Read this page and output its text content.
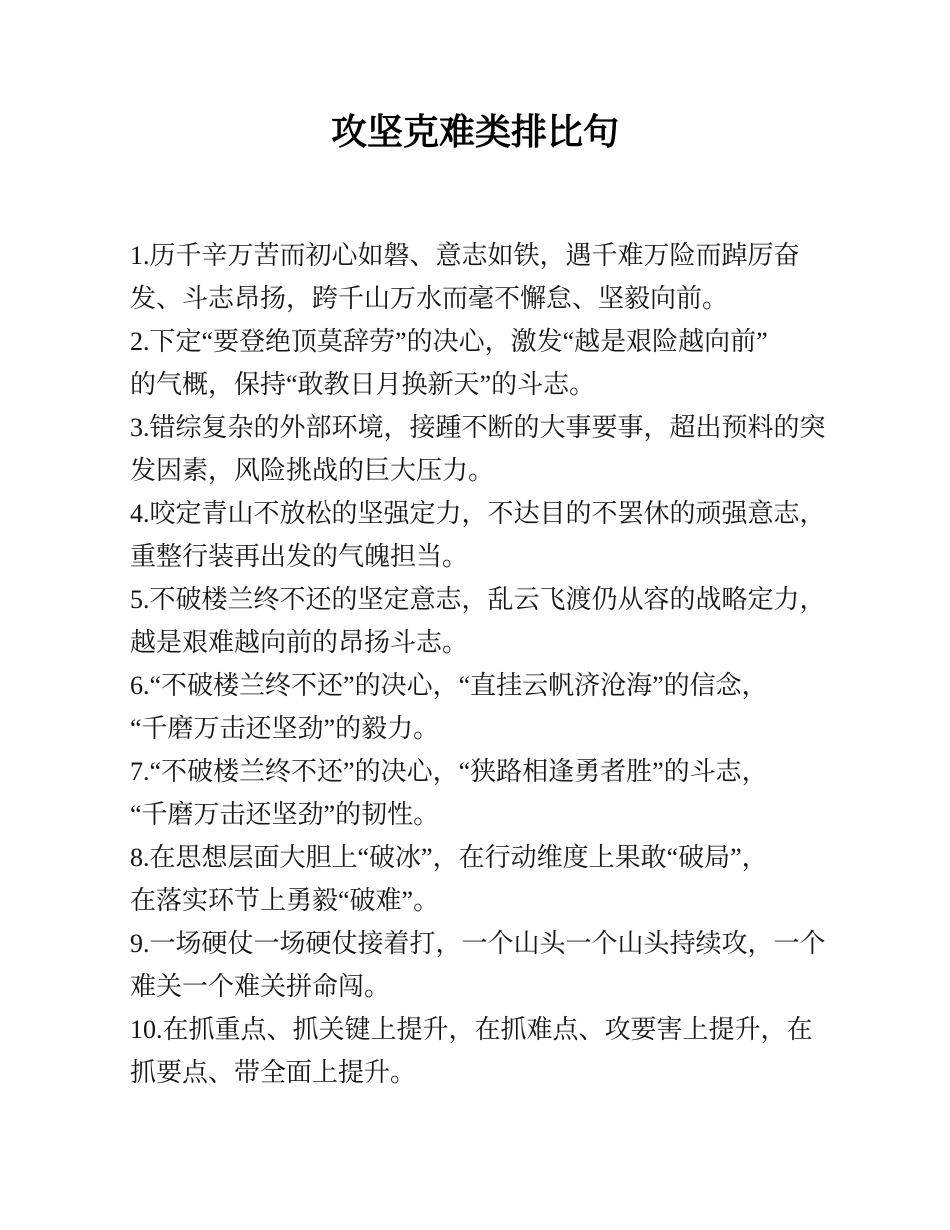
攻坚克难类排比句

1.历千辛万苦而初心如磐、意志如铁，遇千难万险而踔厉奋
发、斗志昂扬，跨千山万水而毫不懈怠、坚毅向前。

2.下定“要登绝顶莫辞劳”的决心，激发“越是艰险越向前”
的气概，保持“敢教日月换新天”的斗志。

3.错综复杂的外部环境，接踵不断的大事要事，超出预料的突
发因素，风险挑战的巨大压力。

4.咬定青山不放松的坚强定力，不达目的不罢休的顽强意志，
重整行装再出发的气魄担当。

5.不破楼兰终不还的坚定意志，乱云飞渡仍从容的战略定力，
越是艰难越向前的昂扬斗志。

6.“不破楼兰终不还”的决心，“直挂云帆济沧海”的信念，
“千磨万击还坚劲”的毅力。

7.“不破楼兰终不还”的决心，“狭路相逢勇者胜”的斗志，
“千磨万击还坚劲”的韧性。

8.在思想层面大胆上“破冰”，在行动维度上果敢“破局”，
在落实环节上勇毅“破难”。

9.一场硬仗一场硬仗接着打，一个山头一个山头持续攻，一个
难关一个难关拼命闯。

10.在抓重点、抓关键上提升，在抓难点、攻要害上提升，在
抓要点、带全面上提升。
